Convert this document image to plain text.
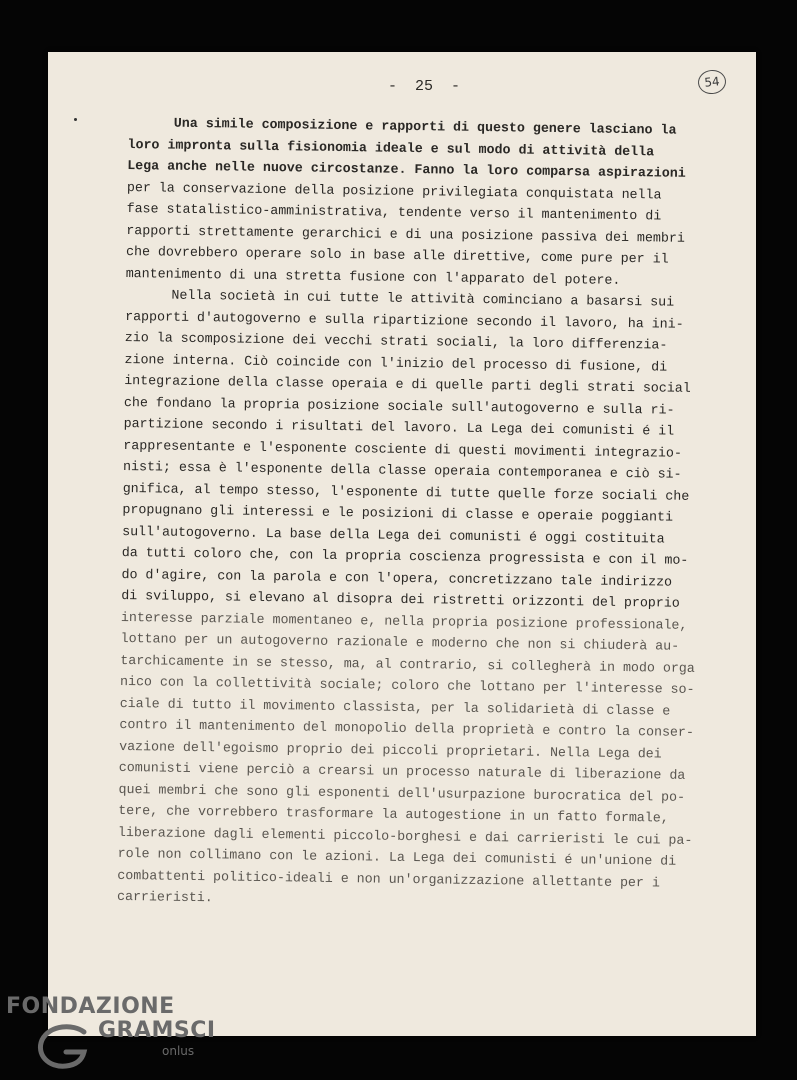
-  25  -	54
Una simile composizione e rapporti di questo genere lasciano la
loro impronta sulla fisionomia ideale e sul modo di attività della
Lega anche nelle nuove circostanze. Fanno la loro comparsa aspirazioni
per la conservazione della posizione privilegiata conquistata nella
fase statalistico-amministrativa, tendente verso il mantenimento di
rapporti strettamente gerarchici e di una posizione passiva dei membri
che dovrebbero operare solo in base alle direttive, come pure per il
mantenimento di una stretta fusione con l'apparato del potere.
Nella società in cui tutte le attività cominciano a basarsi sui
rapporti d'autogoverno e sulla ripartizione secondo il lavoro, ha ini-
zio la scomposizione dei vecchi strati sociali, la loro differenzia-
zione interna. Ciò coincide con l'inizio del processo di fusione, di
integrazione della classe operaia e di quelle parti degli strati social
che fondano la propria posizione sociale sull'autogoverno e sulla ri-
partizione secondo i risultati del lavoro. La Lega dei comunisti é il
rappresentante e l'esponente cosciente di questi movimenti integrazio-
nisti; essa è l'esponente della classe operaia contemporanea e ciò si-
gnifica, al tempo stesso, l'esponente di tutte quelle forze sociali che
propugnano gli interessi e le posizioni di classe e operaie poggianti
sull'autogoverno. La base della Lega dei comunisti é oggi costituita
da tutti coloro che, con la propria coscienza progressista e con il mo-
do d'agire, con la parola e con l'opera, concretizzano tale indirizzo
di sviluppo, si elevano al disopra dei ristretti orizzonti del proprio
interesse parziale momentaneo e, nella propria posizione professionale,
lottano per un autogoverno razionale e moderno che non si chiuderà au-
tarchicamente in se stesso, ma, al contrario, si collegherà in modo orga
nico con la collettività sociale; coloro che lottano per l'interesse so-
ciale di tutto il movimento classista, per la solidarietà di classe e
contro il mantenimento del monopolio della proprietà e contro la conser-
vazione dell'egoismo proprio dei piccoli proprietari. Nella Lega dei
comunisti viene perciò a crearsi un processo naturale di liberazione da
quei membri che sono gli esponenti dell'usurpazione burocratica del po-
tere, che vorrebbero trasformare la autogestione in un fatto formale,
liberazione dagli elementi piccolo-borghesi e dai carrieristi le cui pa-
role non collimano con le azioni. La Lega dei comunisti é un'unione di
combattenti politico-ideali e non un'organizzazione allettante per i
carrieristi.
FONDAZIONE
GRAMSCI
onlus
